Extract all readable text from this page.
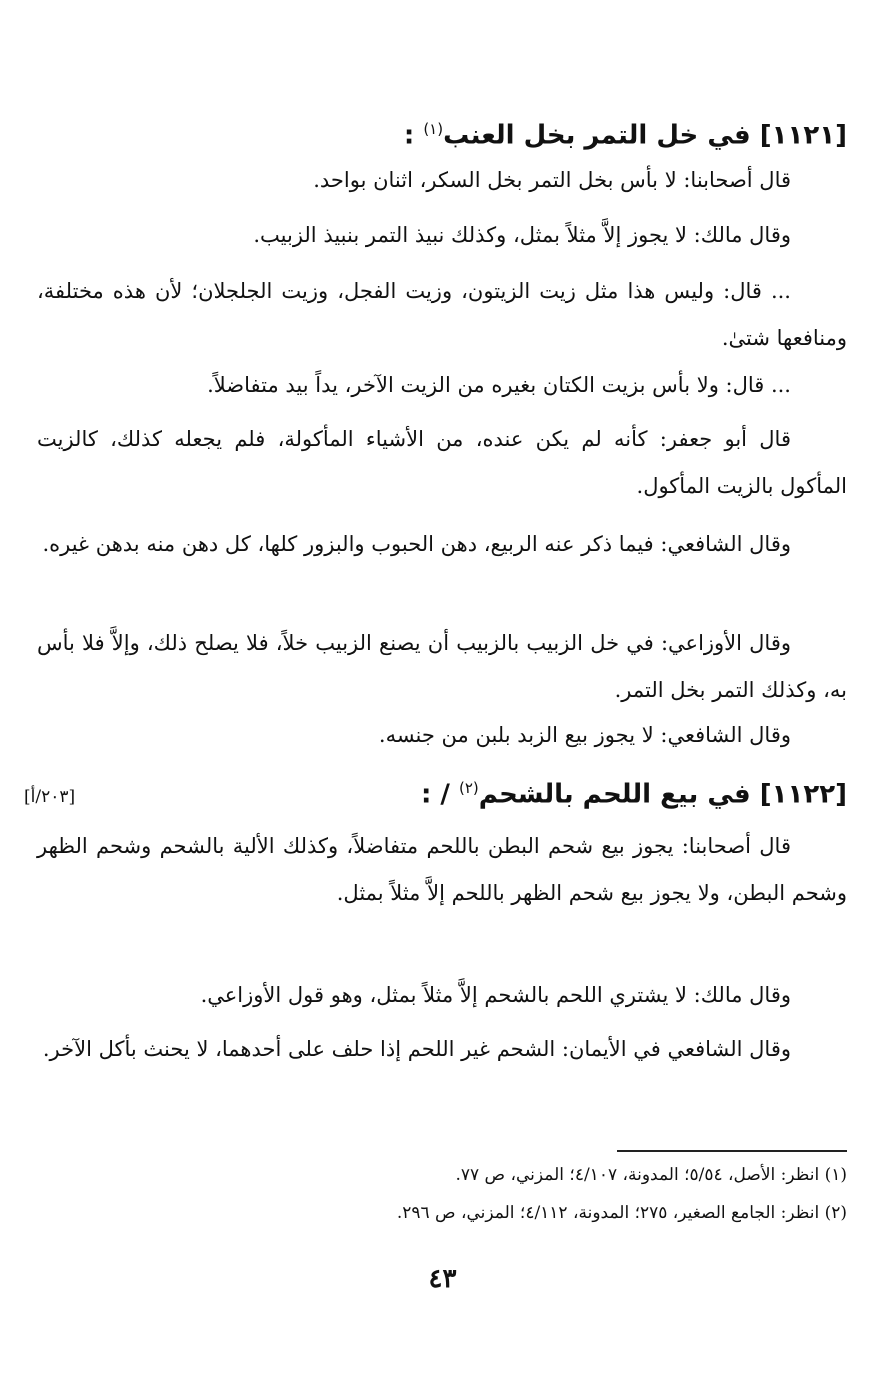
[١١٢١] في خل التمر بخل العنب$^{(١)}$ :

قال أصحابنا: لا بأس بخل التمر بخل السكر، اثنان بواحد.

وقال مالك: لا يجوز إلاَّ مثلاً بمثل، وكذلك نبيذ التمر بنبيذ الزبيب.

... قال: وليس هذا مثل زيت الزيتون، وزيت الفجل، وزيت الجلجلان؛ لأن هذه مختلفة، ومنافعها شتىٰ.

... قال: ولا بأس بزيت الكتان بغيره من الزيت الآخر، يداً بيد متفاضلاً.

قال أبو جعفر: كأنه لم يكن عنده، من الأشياء المأكولة، فلم يجعله كذلك، كالزيت المأكول بالزيت المأكول.

وقال الشافعي: فيما ذكر عنه الربيع، دهن الحبوب والبزور كلها، كل دهن منه بدهن غيره.

وقال الأوزاعي: في خل الزبيب بالزبيب أن يصنع الزبيب خلاً، فلا يصلح ذلك، وإلاَّ فلا بأس به، وكذلك التمر بخل التمر.

وقال الشافعي: لا يجوز بيع الزبد بلبن من جنسه.

[١١٢٢] في بيع اللحم بالشحم$^{(٢)}$ / :
[٢٠٣/أ]

قال أصحابنا: يجوز بيع شحم البطن باللحم متفاضلاً، وكذلك الألية بالشحم وشحم الظهر وشحم البطن، ولا يجوز بيع شحم الظهر باللحم إلاَّ مثلاً بمثل.

وقال مالك: لا يشتري اللحم بالشحم إلاَّ مثلاً بمثل، وهو قول الأوزاعي.

وقال الشافعي في الأيمان: الشحم غير اللحم إذا حلف على أحدهما، لا يحنث بأكل الآخر.

(١) انظر: الأصل، ٥/٥٤؛ المدونة، ٤/١٠٧؛ المزني، ص ٧٧.
(٢) انظر: الجامع الصغير، ٢٧٥؛ المدونة، ٤/١١٢؛ المزني، ص ٢٩٦.
٤٣
